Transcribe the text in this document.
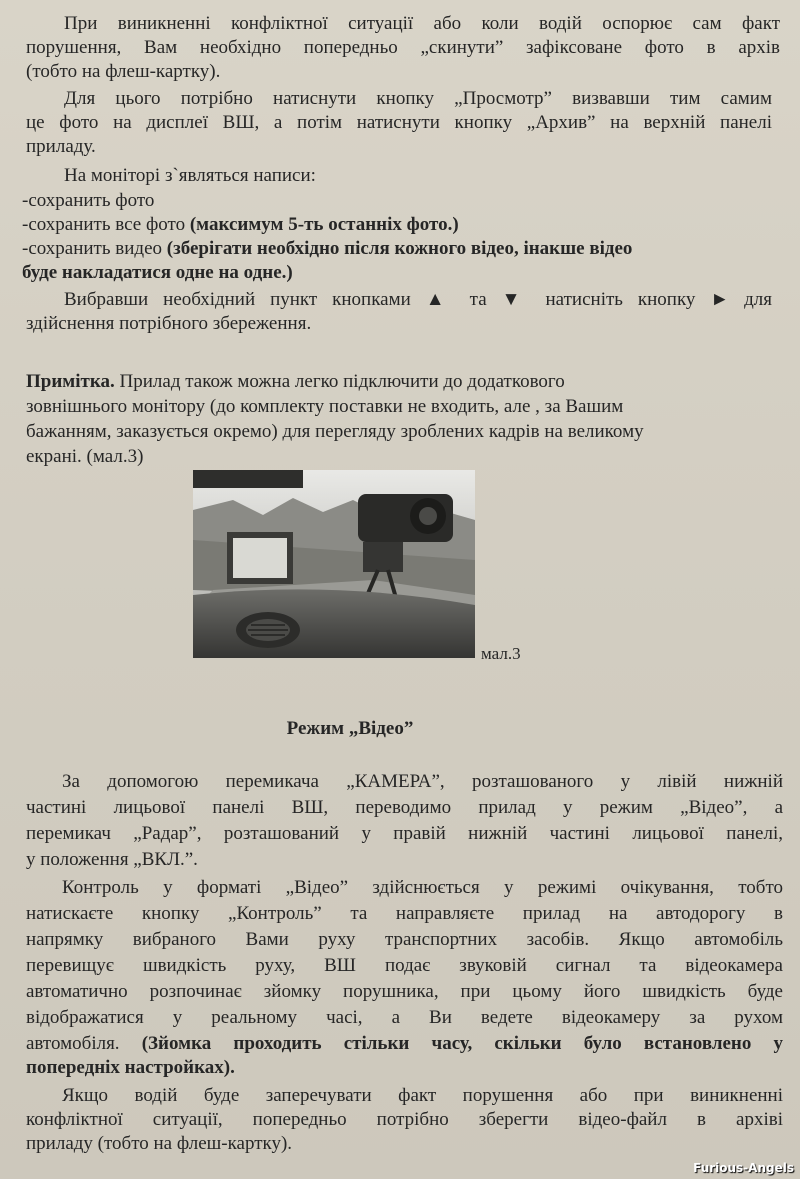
При виникненні конфліктної ситуації або коли водій оспорює сам факт
порушення, Вам необхідно попередньо „скинути” зафіксоване фото в архів
(тобто на флеш-картку).
Для цього потрібно натиснути кнопку „Просмотр” визвавши тим самим
це фото на дисплеї ВШ, а потім натиснути кнопку „Архив” на верхній панелі
приладу.
На моніторі з`являться написи:
-сохранить фото
-сохранить все фото (максимум 5-ть останніх фото.)
-сохранить видео (зберігати необхідно після кожного відео, інакше відео
буде накладатися одне на одне.)
Вибравши необхідний пункт кнопками ▲ та ▼ натисніть кнопку ► для
здійснення потрібного збереження.
Примітка. Прилад також можна легко підключити до додаткового
зовнішнього монітору (до комплекту поставки не входить, але , за Вашим
бажанням, заказується окремо) для перегляду зроблених кадрів на великому
екрані. (мал.3)
мал.3
Режим „Відео”
За допомогою перемикача „КАМЕРА”, розташованого у лівій нижній
частині лицьової панелі ВШ, переводимо прилад у режим „Відео”, а
перемикач „Радар”, розташований у правій нижній частині лицьової панелі,
у положення „ВКЛ.”.
Контроль у форматі „Відео” здійснюється у режимі очікування, тобто
натискаєте кнопку „Контроль” та направляєте прилад на автодорогу в
напрямку вибраного Вами руху транспортних засобів. Якщо автомобіль
перевищує швидкість руху, ВШ подає звуковій сигнал та відеокамера
автоматично розпочинає зйомку порушника, при цьому його швидкість буде
відображатися у реальному часі, а Ви ведете відеокамеру за рухом
автомобіля. (Зйомка проходить стільки часу, скільки було встановлено у
попередніх настройках).
Якщо водій буде заперечувати факт порушення або при виникненні
конфліктної ситуації, попередньо потрібно зберегти відео-файл в архіві
приладу (тобто на флеш-картку).
Furious-Angels
